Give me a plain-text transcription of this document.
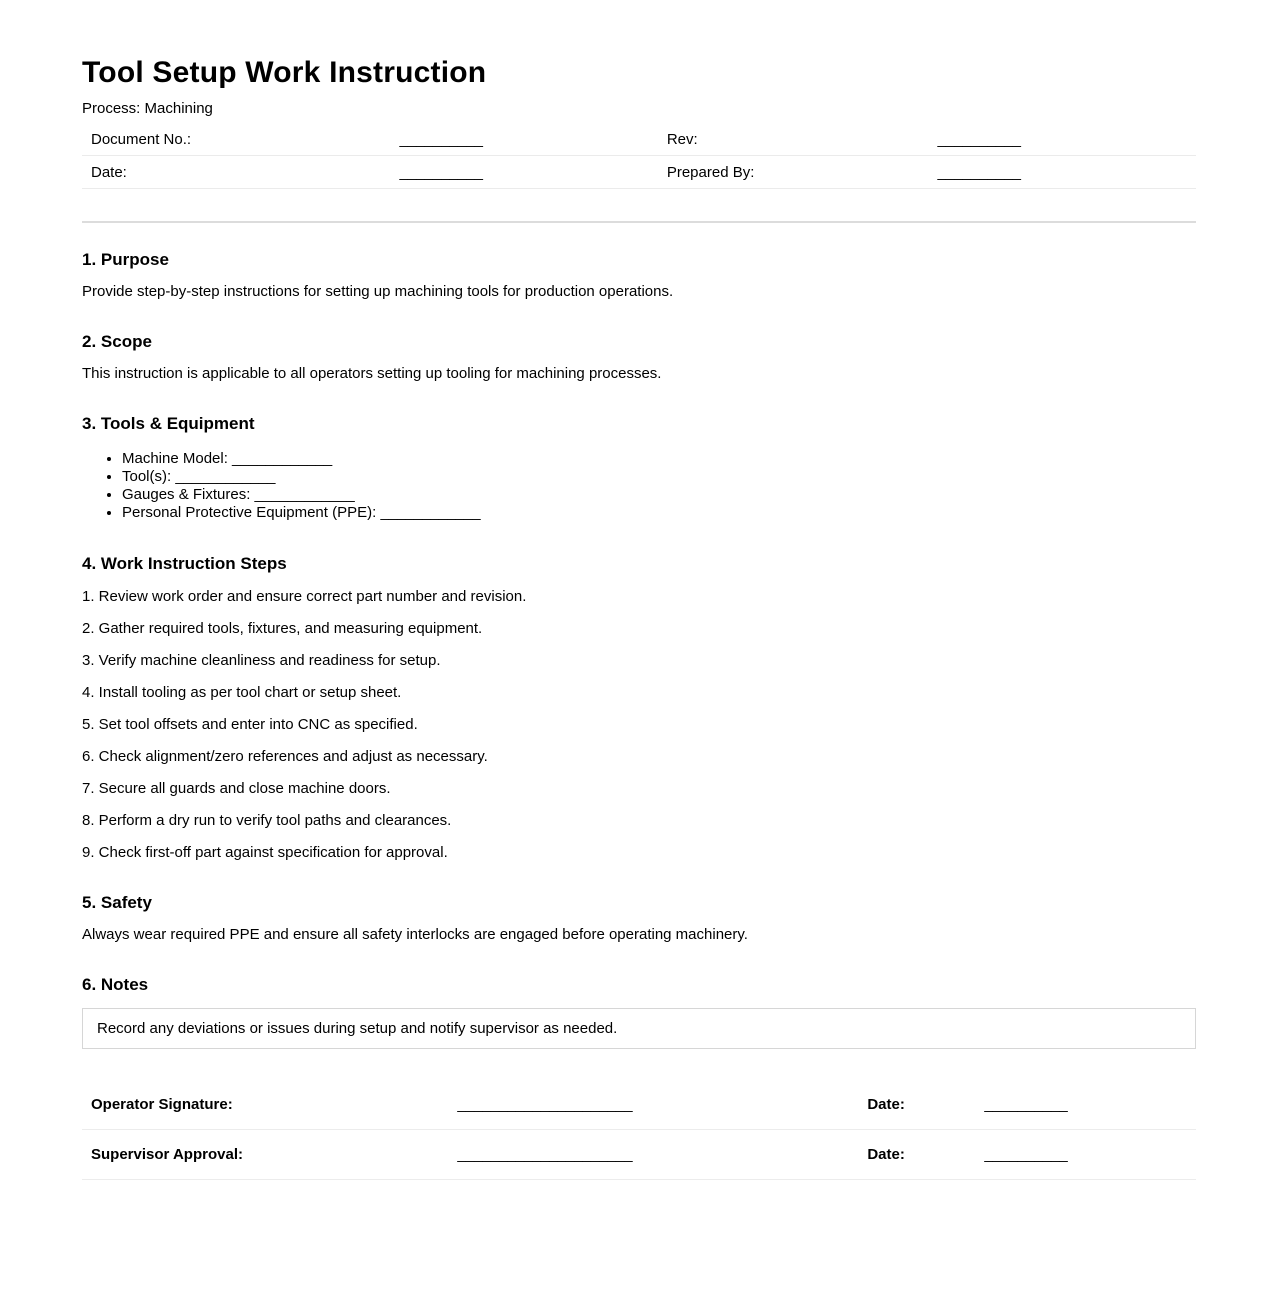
Tool Setup Work Instruction
Process: Machining
Document No.:	__________	Rev:	__________
Date:	__________	Prepared By:	__________
1. Purpose

Provide step-by-step instructions for setting up machining tools for production operations.

2. Scope

This instruction is applicable to all operators setting up tooling for machining processes.

3. Tools & Equipment
• Machine Model: ____________
• Tool(s): ____________
• Gauges & Fixtures: ____________
• Personal Protective Equipment (PPE): ____________
4. Work Instruction Steps
1. Review work order and ensure correct part number and revision.
2. Gather required tools, fixtures, and measuring equipment.
3. Verify machine cleanliness and readiness for setup.
4. Install tooling as per tool chart or setup sheet.
5. Set tool offsets and enter into CNC as specified.
6. Check alignment/zero references and adjust as necessary.
7. Secure all guards and close machine doors.
8. Perform a dry run to verify tool paths and clearances.
9. Check first-off part against specification for approval.
5. Safety

Always wear required PPE and ensure all safety interlocks are engaged before operating machinery.

6. Notes
Record any deviations or issues during setup and notify supervisor as needed.
Operator Signature:	_____________________	Date:	__________
Supervisor Approval:	_____________________	Date:	__________
